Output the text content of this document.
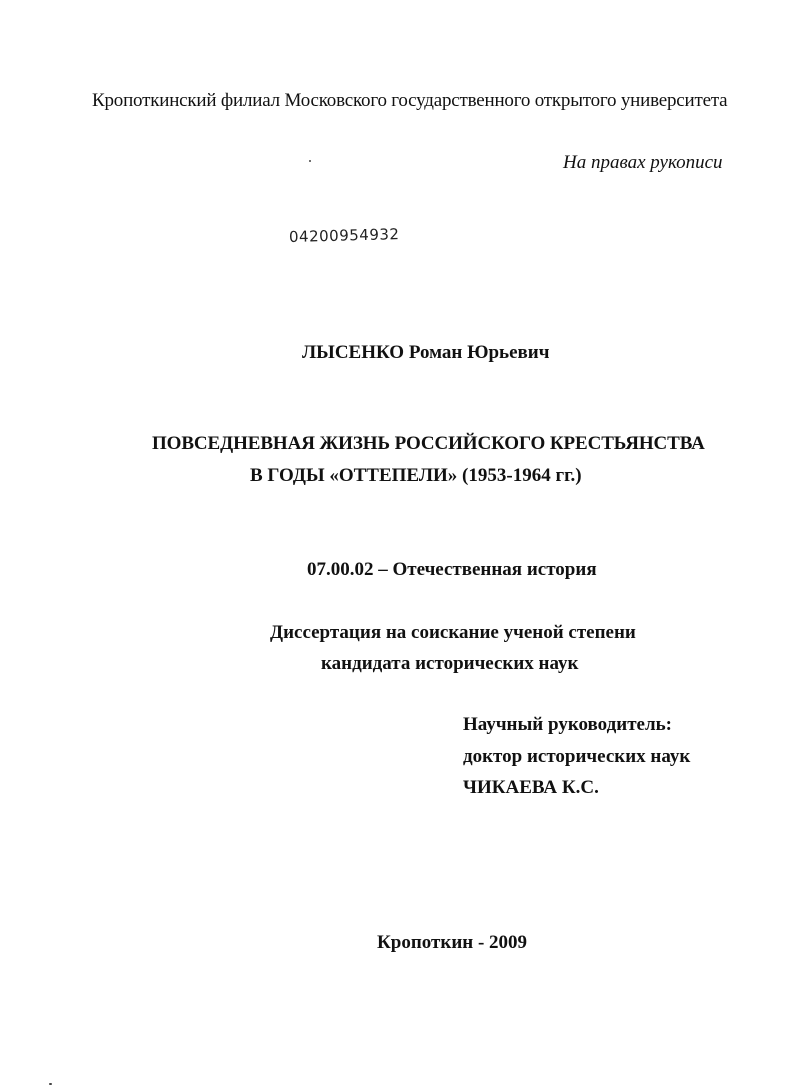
Кропоткинский филиал Московского государственного открытого университета
На правах рукописи
04200954932
ЛЫСЕНКО Роман Юрьевич
ПОВСЕДНЕВНАЯ ЖИЗНЬ РОССИЙСКОГО КРЕСТЬЯНСТВА
В ГОДЫ «ОТТЕПЕЛИ» (1953-1964 гг.)
07.00.02 – Отечественная история
Диссертация на соискание ученой степени
кандидата исторических наук
Научный руководитель:
доктор исторических наук
ЧИКАЕВА К.С.
Кропоткин - 2009
